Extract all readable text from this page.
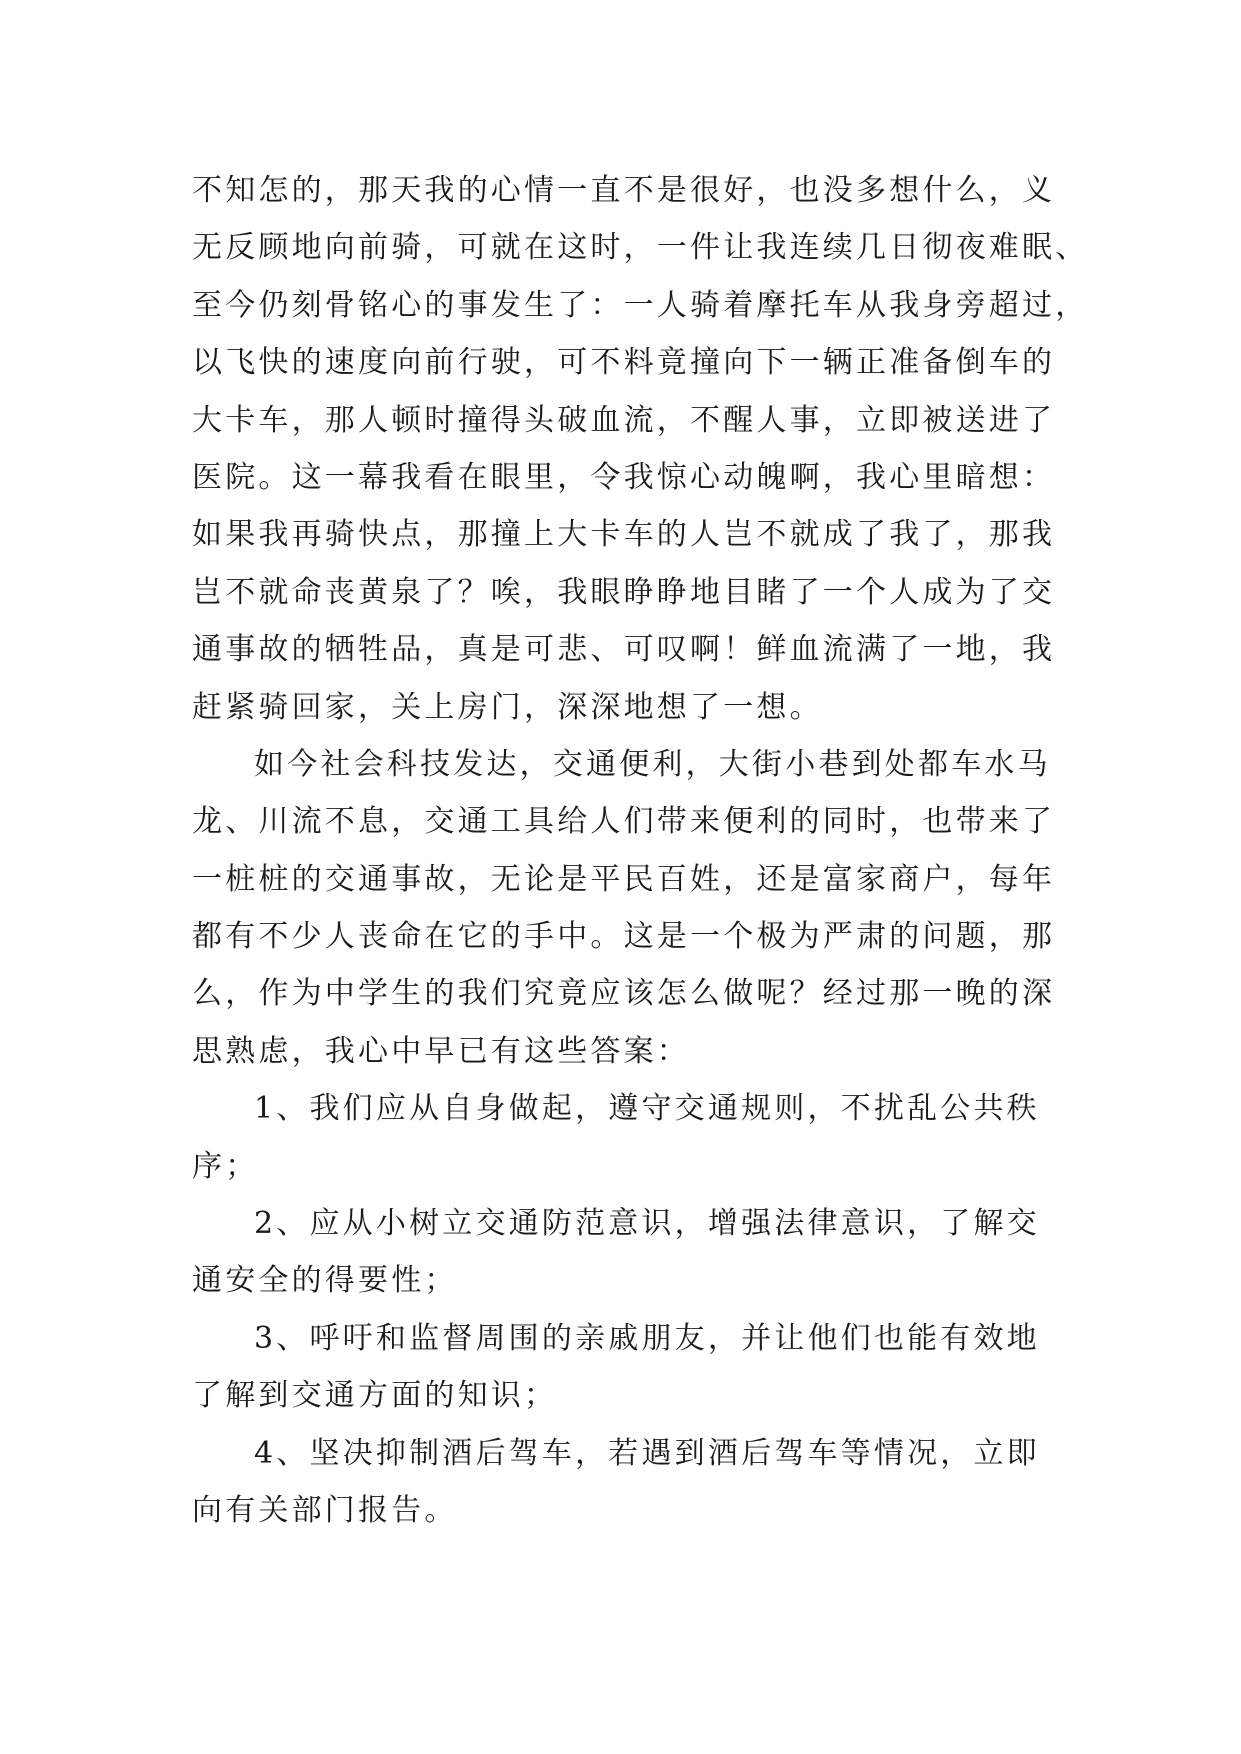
不知怎的，那天我的心情一直不是很好，也没多想什么，义
无反顾地向前骑，可就在这时，一件让我连续几日彻夜难眠、
至今仍刻骨铭心的事发生了：一人骑着摩托车从我身旁超过，
以飞快的速度向前行驶，可不料竟撞向下一辆正准备倒车的
大卡车，那人顿时撞得头破血流，不醒人事，立即被送进了
医院。这一幕我看在眼里，令我惊心动魄啊，我心里暗想：
如果我再骑快点，那撞上大卡车的人岂不就成了我了，那我
岂不就命丧黄泉了？唉，我眼睁睁地目睹了一个人成为了交
通事故的牺牲品，真是可悲、可叹啊！鲜血流满了一地，我
赶紧骑回家，关上房门，深深地想了一想。
如今社会科技发达，交通便利，大街小巷到处都车水马
龙、川流不息，交通工具给人们带来便利的同时，也带来了
一桩桩的交通事故，无论是平民百姓，还是富家商户，每年
都有不少人丧命在它的手中。这是一个极为严肃的问题，那
么，作为中学生的我们究竟应该怎么做呢？经过那一晚的深
思熟虑，我心中早已有这些答案：
1、我们应从自身做起，遵守交通规则，不扰乱公共秩
序；
2、应从小树立交通防范意识，增强法律意识，了解交
通安全的得要性；
3、呼吁和监督周围的亲戚朋友，并让他们也能有效地
了解到交通方面的知识；
4、坚决抑制酒后驾车，若遇到酒后驾车等情况，立即
向有关部门报告。
